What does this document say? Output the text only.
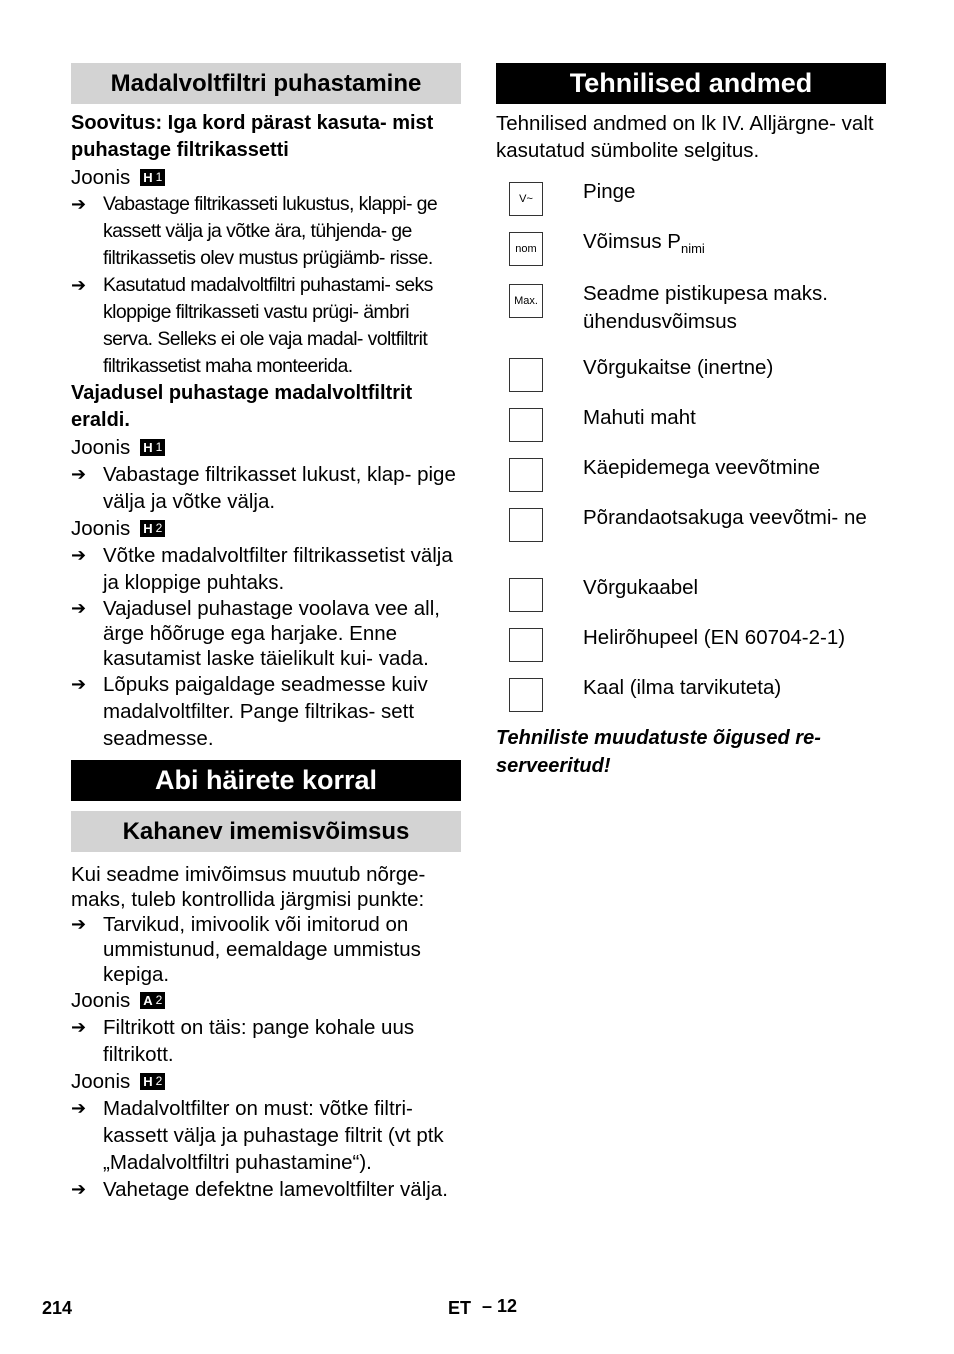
Madalvoltfiltri puhastamine
Soovitus: Iga kord pärast kasuta- mist puhastage filtrikassetti
Joonis H 1
➔ Vabastage filtrikasseti lukustus, klappi- ge kassett välja ja võtke ära, tühjenda- ge filtrikassetis olev mustus prügiämb- risse.
➔ Kasutatud madalvoltfiltri puhastami- seks kloppige filtrikasseti vastu prügi- ämbri serva. Selleks ei ole vaja madal- voltfiltrit filtrikassetist maha monteerida.
Vajadusel puhastage madalvoltfiltrit eraldi.
Joonis H 1
➔ Vabastage filtrikasset lukust, klap- pige välja ja võtke välja.
Joonis H 2
➔ Võtke madalvoltfilter filtrikassetist välja ja kloppige puhtaks.
➔ Vajadusel puhastage voolava vee all, ärge hõõruge ega harjake. Enne kasutamist laske täielikult kui- vada.
➔ Lõpuks paigaldage seadmesse kuiv madalvoltfilter. Pange filtrikas- sett seadmesse.
Abi häirete korral
Kahanev imemisvõimsus
Kui seadme imivõimsus muutub nõrge- maks, tuleb kontrollida järgmisi punkte:
➔ Tarvikud, imivoolik või imitorud on ummistunud, eemaldage ummistus kepiga.
Joonis A 2
➔ Filtrikott on täis: pange kohale uus filtrikott.
Joonis H 2
➔ Madalvoltfilter on must: võtke filtri- kassett välja ja puhastage filtrit (vt ptk „Madalvoltfiltri puhastamine“).
➔ Vahetage defektne lamevoltfilter välja.
Tehnilised andmed
Tehnilised andmed on lk IV. Alljärgne- valt kasutatud sümbolite selgitus.
V~ Pinge
nom Võimsus $P_{nimi}$
Max. Seadme pistikupesa maks. ühendusvõimsus
Võrgukaitse (inertne)
Mahuti maht
Käepidemega veevõtmine
Põrandaotsakuga veevõtmi- ne
Võrgukaabel
Helirõhupeel (EN 60704-2-1)
Kaal (ilma tarvikuteta)
Tehniliste muudatuste õigused re- serveeritud!
214	ET – 12
